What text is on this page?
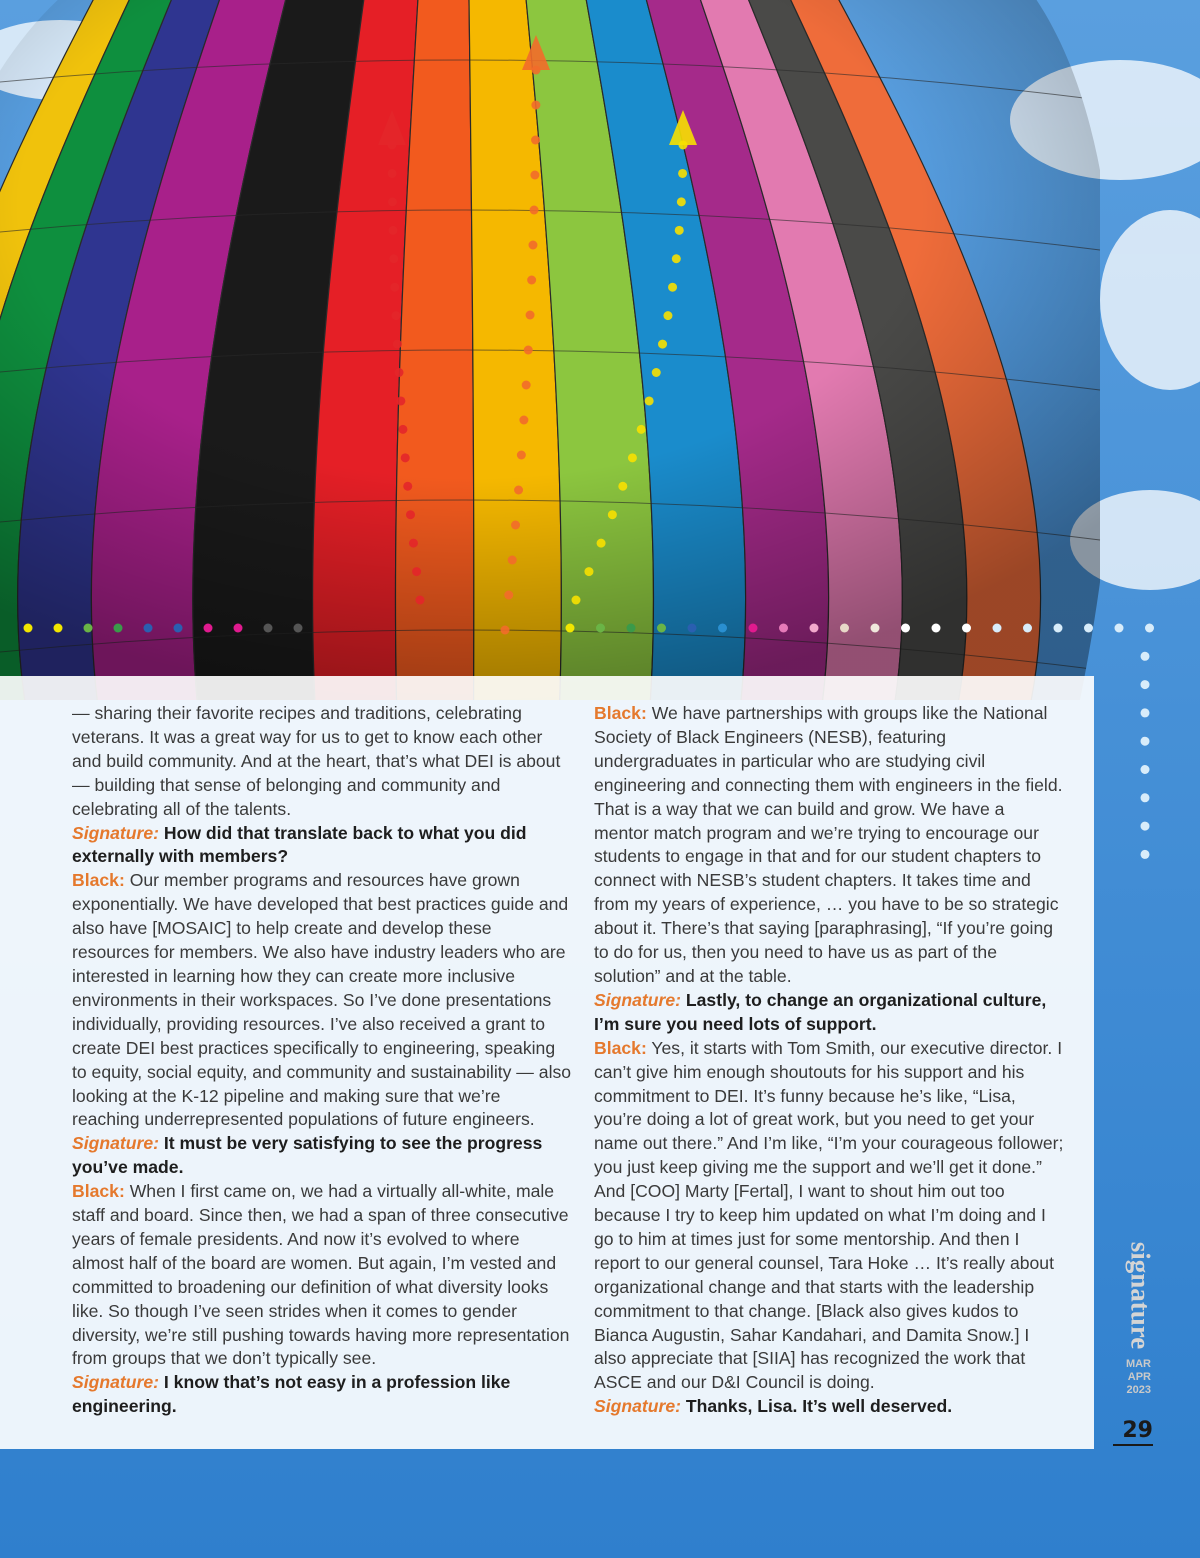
— sharing their favorite recipes and traditions, celebrating veterans. It was a great way for us to get to know each other and build community. And at the heart, that’s what DEI is about — building that sense of belonging and community and celebrating all of the talents.

Signature: How did that translate back to what you did externally with members?

Black: Our member programs and resources have grown exponentially. We have developed that best practices guide and also have [MOSAIC] to help create and develop these resources for members. We also have industry leaders who are interested in learning how they can create more inclusive environments in their workspaces. So I’ve done presentations individually, providing resources. I’ve also received a grant to create DEI best practices specifically to engineering, speaking to equity, social equity, and community and sustainability — also looking at the K-12 pipeline and making sure that we’re reaching underrepresented populations of future engineers.

Signature: It must be very satisfying to see the progress you’ve made.

Black: When I first came on, we had a virtually all-white, male staff and board. Since then, we had a span of three consecutive years of female presidents. And now it’s evolved to where almost half of the board are women. But again, I’m vested and committed to broadening our definition of what diversity looks like. So though I’ve seen strides when it comes to gender diversity, we’re still pushing towards having more representation from groups that we don’t typically see.

Signature: I know that’s not easy in a profession like engineering.

Black: We have partnerships with groups like the National Society of Black Engineers (NESB), featuring undergraduates in particular who are studying civil engineering and connecting them with engineers in the field. That is a way that we can build and grow. We have a mentor match program and we’re trying to encourage our students to engage in that and for our student chapters to connect with NESB’s student chapters. It takes time and from my years of experience, … you have to be so strategic about it. There’s that saying [paraphrasing], “If you’re going to do for us, then you need to have us as part of the solution” and at the table.

Signature: Lastly, to change an organizational culture, I’m sure you need lots of support.

Black: Yes, it starts with Tom Smith, our executive director. I can’t give him enough shoutouts for his support and his commitment to DEI. It’s funny because he’s like, “Lisa, you’re doing a lot of great work, but you need to get your name out there.” And I’m like, “I’m your courageous follower; you just keep giving me the support and we’ll get it done.” And [COO] Marty [Fertal], I want to shout him out too because I try to keep him updated on what I’m doing and I go to him at times just for some mentorship. And then I report to our general counsel, Tara Hoke … It’s really about organizational change and that starts with the leadership commitment to that change. [Black also gives kudos to Bianca Augustin, Sahar Kandahari, and Damita Snow.] I also appreciate that [SIIA] has recognized the work that ASCE and our D&I Council is doing.

Signature: Thanks, Lisa. It’s well deserved.

signature
MAR
APR
2023
29
